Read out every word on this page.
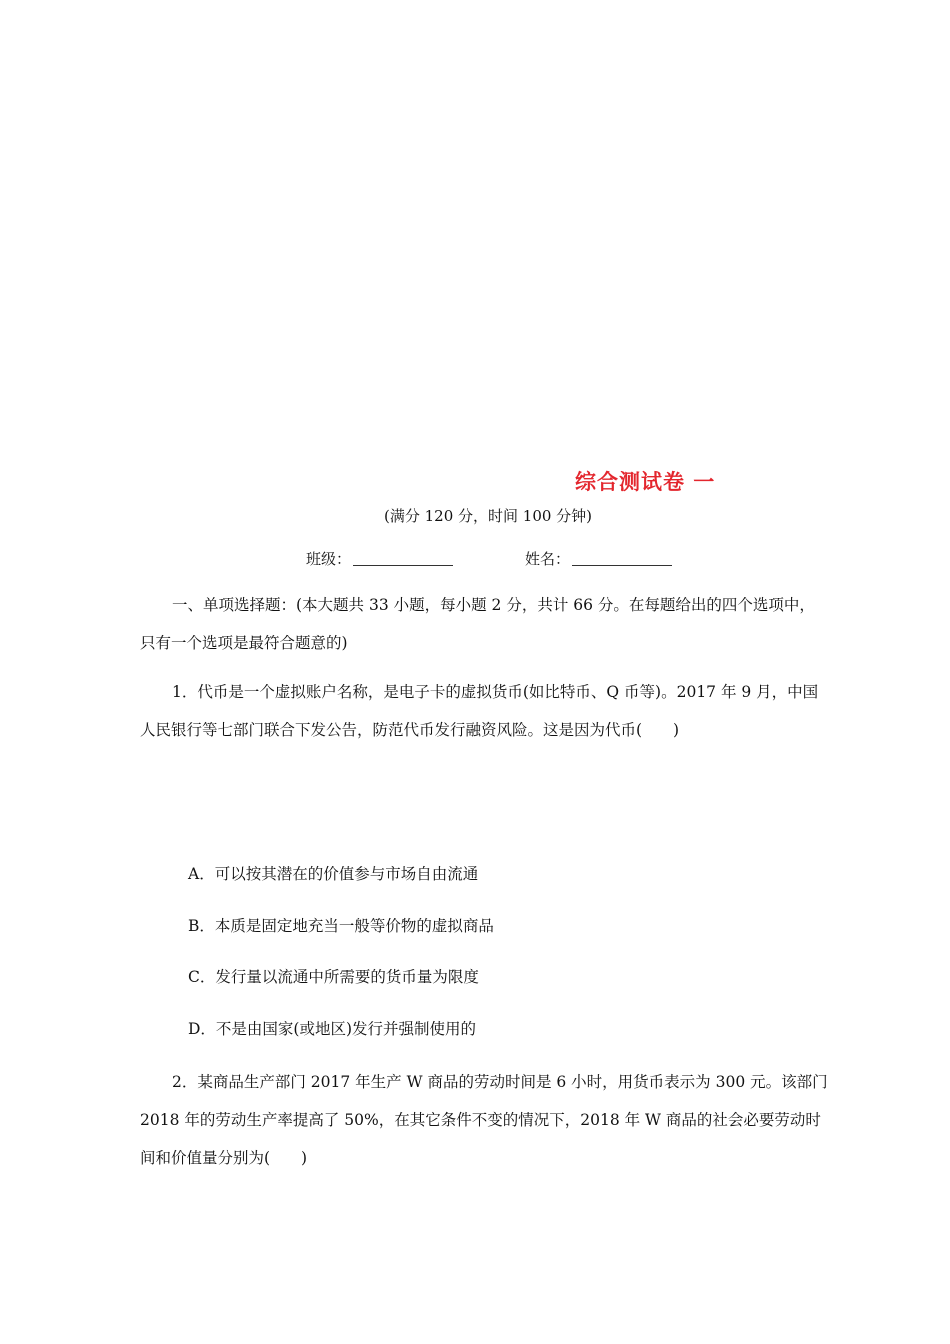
综合测试卷 一
(满分 120 分，时间 100 分钟)
班级：	姓名：
一、单项选择题：(本大题共 33 小题，每小题 2 分，共计 66 分。在每题给出的四个选项中，只有一个选项是最符合题意的)
1．代币是一个虚拟账户名称，是电子卡的虚拟货币(如比特币、Q 币等)。2017 年 9 月，中国人民银行等七部门联合下发公告，防范代币发行融资风险。这是因为代币(　　)
A．可以按其潜在的价值参与市场自由流通
B．本质是固定地充当一般等价物的虚拟商品
C．发行量以流通中所需要的货币量为限度
D．不是由国家(或地区)发行并强制使用的
2．某商品生产部门 2017 年生产 W 商品的劳动时间是 6 小时，用货币表示为 300 元。该部门 2018 年的劳动生产率提高了 50%，在其它条件不变的情况下，2018 年 W 商品的社会必要劳动时间和价值量分别为(　　)
